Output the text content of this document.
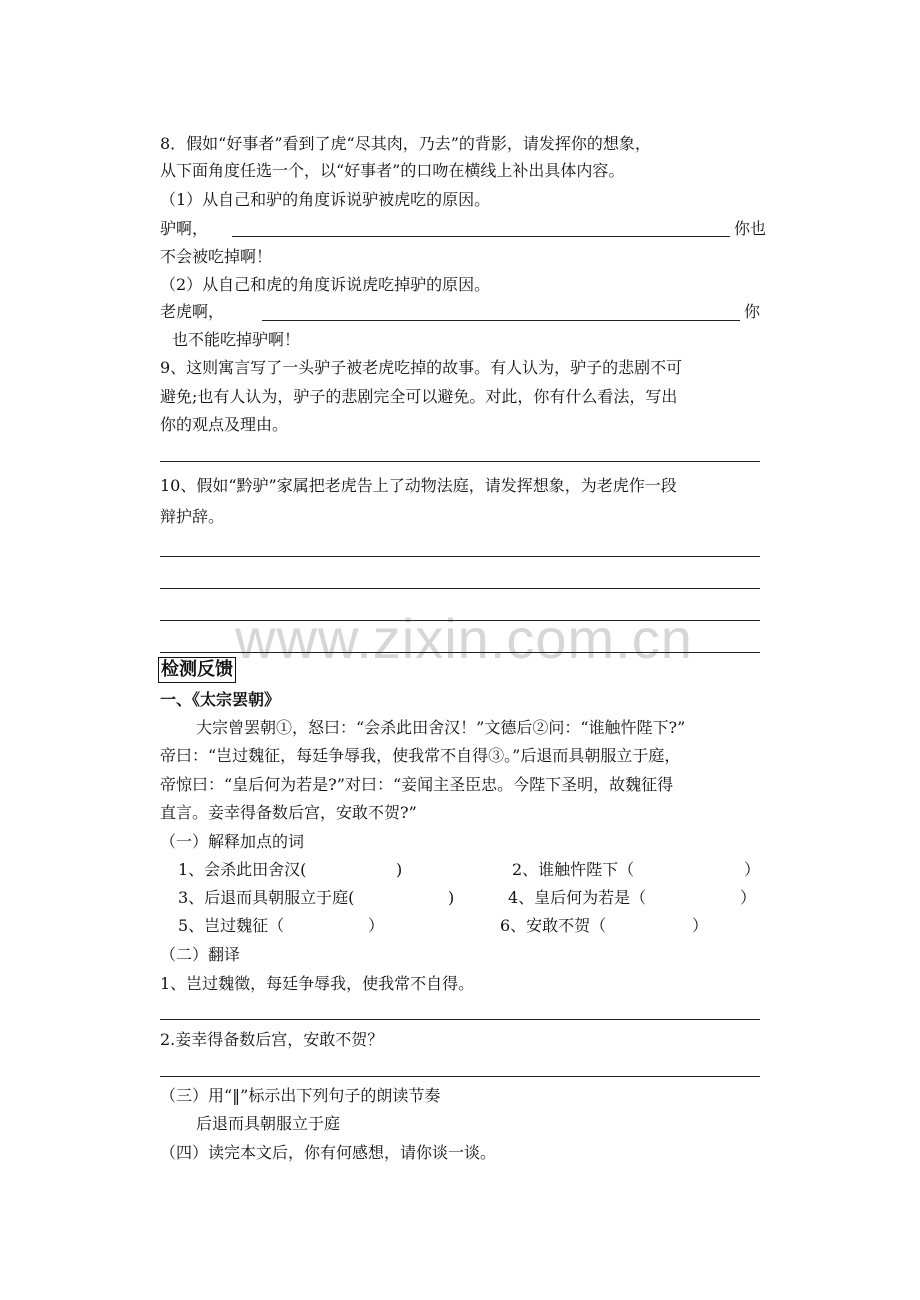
www.zixin.com.cn
8．假如“好事者”看到了虎“尽其肉，乃去”的背影，请发挥你的想象，
从下面角度任选一个，以“好事者”的口吻在横线上补出具体内容。
（1）从自己和驴的角度诉说驴被虎吃的原因。
驴啊，	你也
不会被吃掉啊！
（2）从自己和虎的角度诉说虎吃掉驴的原因。
老虎啊，	你
也不能吃掉驴啊！
9、这则寓言写了一头驴子被老虎吃掉的故事。有人认为，驴子的悲剧不可
避免;也有人认为，驴子的悲剧完全可以避免。对此，你有什么看法，写出
你的观点及理由。
10、假如“黔驴”家属把老虎告上了动物法庭，请发挥想象，为老虎作一段
辩护辞。
检测反馈
一、《太宗罢朝》
大宗曾罢朝①，怒曰：“会杀此田舍汉！”文德后②问：“谁触忤陛下?”
帝曰：“岂过魏征，每廷争辱我，使我常不自得③。”后退而具朝服立于庭，
帝惊曰：“皇后何为若是?”对曰：“妾闻主圣臣忠。今陛下圣明，故魏征得
直言。妾幸得备数后宫，安敢不贺?”
（一）解释加点的词
1、会杀此田舍汉(	)	2、谁触忤陛下（	）
3、后退而具朝服立于庭(	)	4、皇后何为若是（	）
5、岂过魏征（	）	6、安敢不贺（	）
（二）翻译
1、岂过魏徵，每廷争辱我，使我常不自得。
2.妾幸得备数后宫，安敢不贺？
（三）用“‖”标示出下列句子的朗读节奏
后退而具朝服立于庭
（四）读完本文后，你有何感想，请你谈一谈。
